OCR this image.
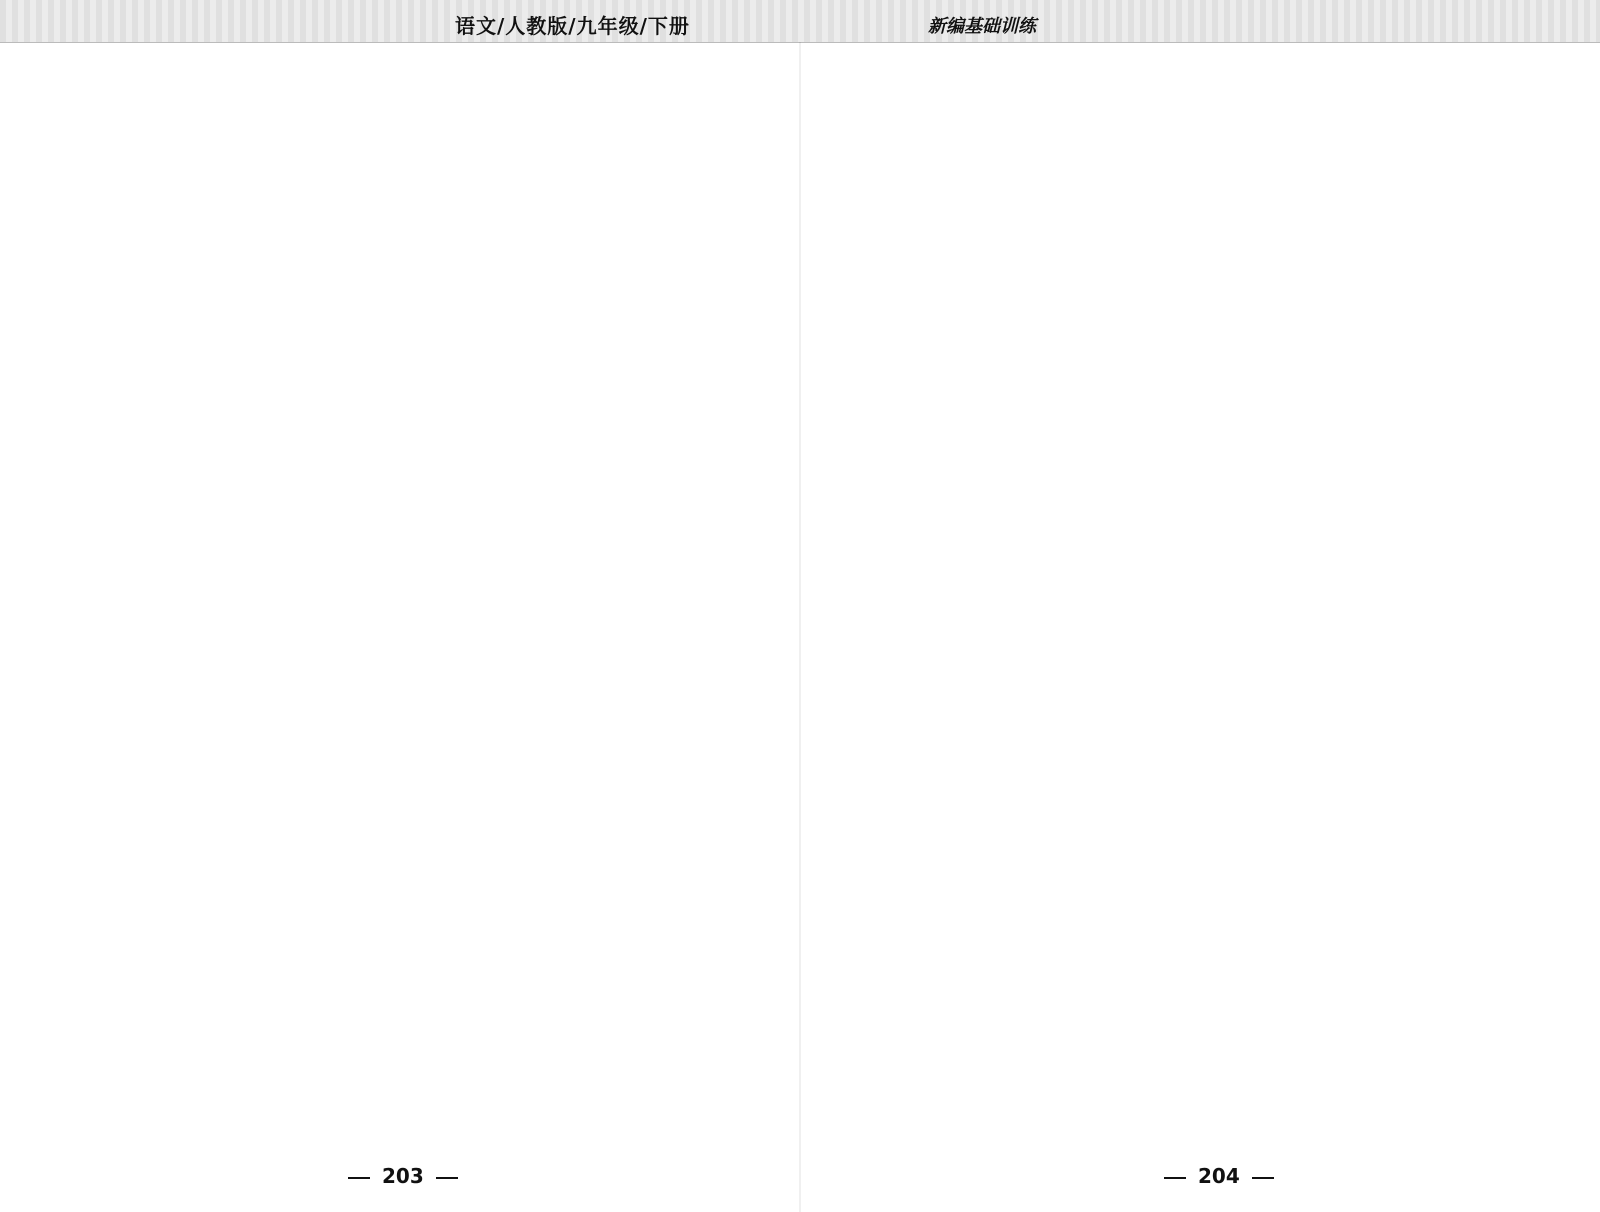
语文/人教版/九年级/下册	新编基础训练
203	204
